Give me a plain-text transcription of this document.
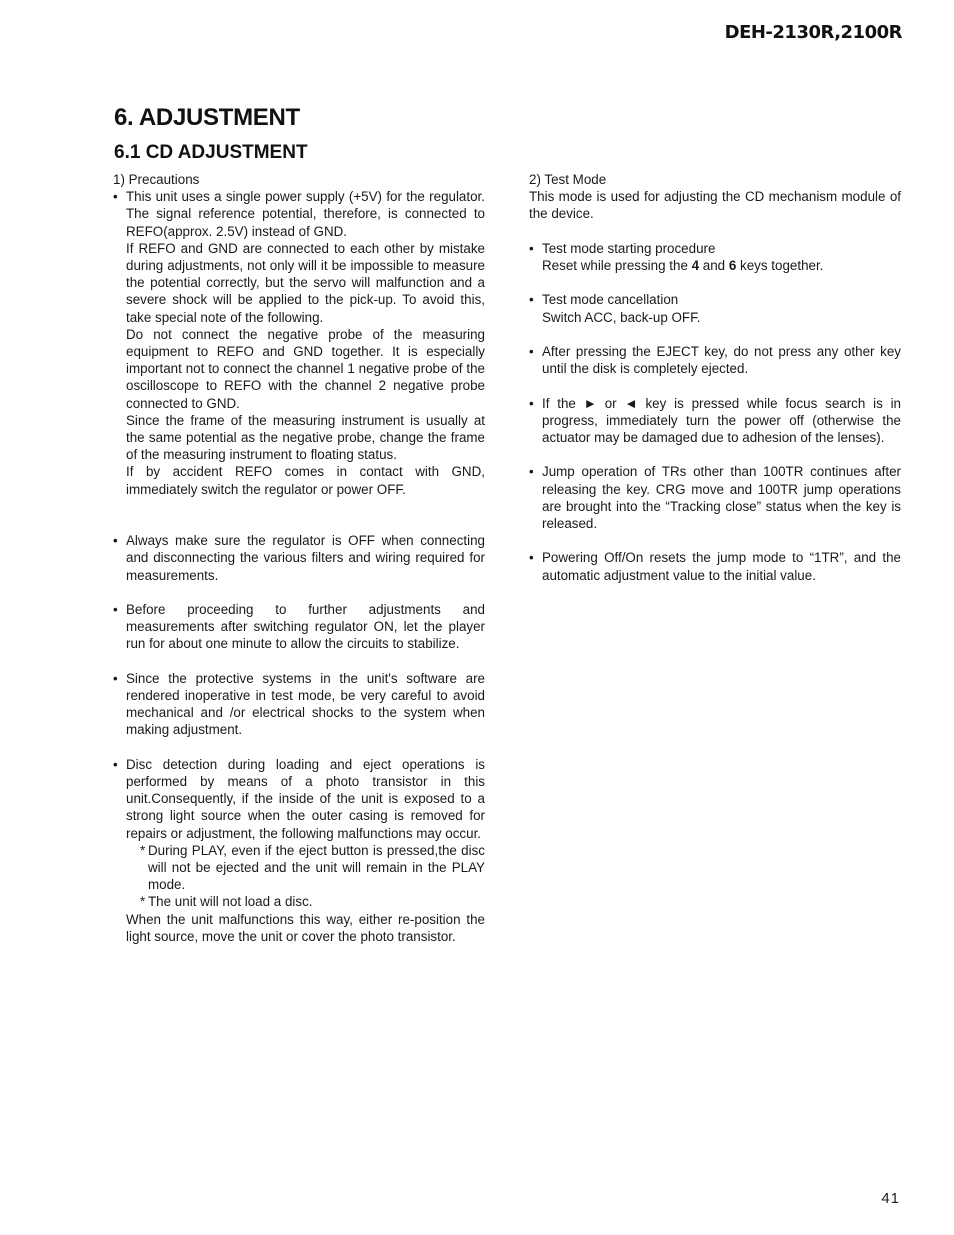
DEH-2130R,2100R
6. ADJUSTMENT
6.1 CD ADJUSTMENT
1) Precautions
• This unit uses a single power supply (+5V) for the regulator. The signal reference potential, therefore, is connected to REFO(approx. 2.5V) instead of GND.
If REFO and GND are connected to each other by mistake during adjustments, not only will it be impossible to measure the potential correctly, but the servo will malfunction and a severe shock will be applied to the pick-up. To avoid this, take special note of the following.
Do not connect the negative probe of the measuring equipment to REFO and GND together. It is especially important not to connect the channel 1 negative probe of the oscilloscope to REFO with the channel 2 negative probe connected to GND.
Since the frame of the measuring instrument is usually at the same potential as the negative probe, change the frame of the measuring instrument to floating status.
If by accident REFO comes in contact with GND, immediately switch the regulator or power OFF.
• Always make sure the regulator is OFF when connecting and disconnecting the various filters and wiring required for measurements.
• Before proceeding to further adjustments and measurements after switching regulator ON, let the player run for about one minute to allow the circuits to stabilize.
• Since the protective systems in the unit's software are rendered inoperative in test mode, be very careful to avoid mechanical and /or electrical shocks to the system when making adjustment.
• Disc detection during loading and eject operations is performed by means of a photo transistor in this unit.Consequently, if the inside of the unit is exposed to a strong light source when the outer casing is removed for repairs or adjustment, the following malfunctions may occur.
* During PLAY, even if the eject button is pressed,the disc will not be ejected and the unit will remain in the PLAY mode.
* The unit will not load a disc.
When the unit malfunctions this way, either re-position the light source, move the unit or cover the photo transistor.
2) Test Mode
This mode is used for adjusting the CD mechanism module of the device.
• Test mode starting procedure
Reset while pressing the 4 and 6 keys together.
• Test mode cancellation
Switch ACC, back-up OFF.
• After pressing the EJECT key, do not press any other key until the disk is completely ejected.
• If the ► or ◄ key is pressed while focus search is in progress, immediately turn the power off (otherwise the actuator may be damaged due to adhesion of the lenses).
• Jump operation of TRs other than 100TR continues after releasing the key. CRG move and 100TR jump operations are brought into the “Tracking close” status when the key is released.
• Powering Off/On resets the jump mode to “1TR”, and the automatic adjustment value to the initial value.
41
